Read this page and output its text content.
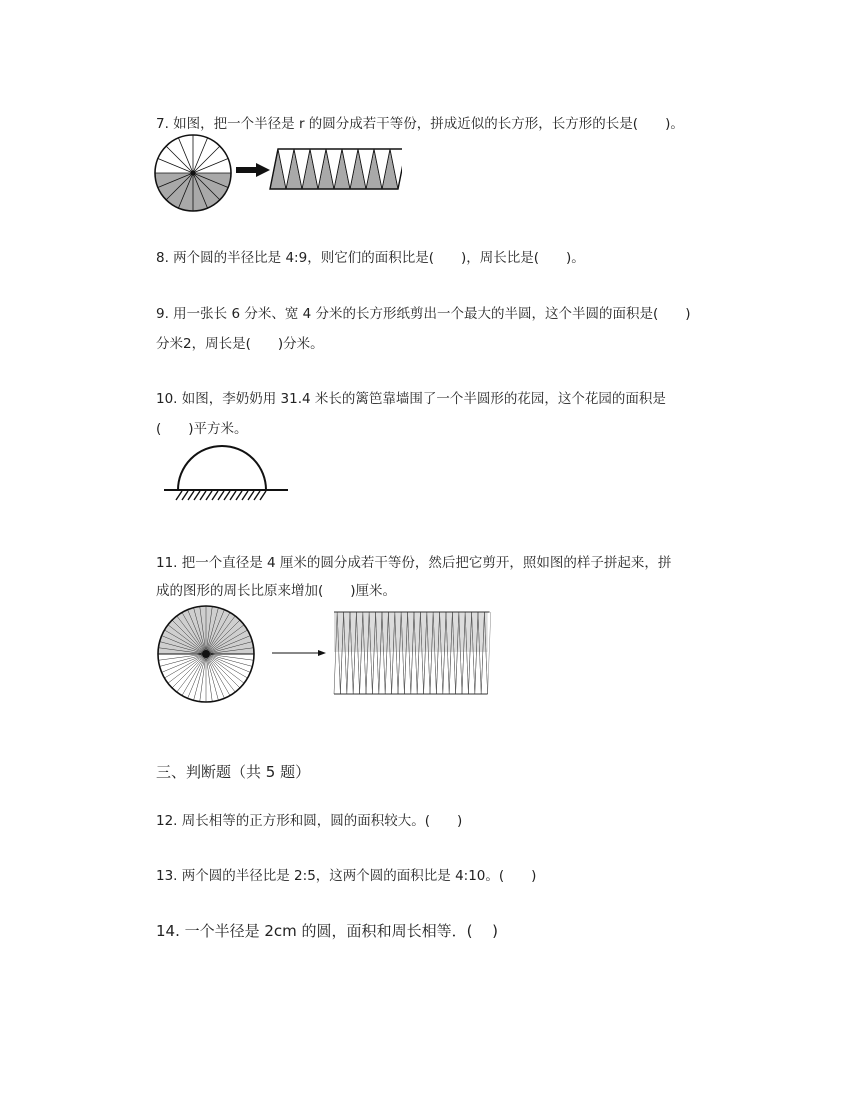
7. 如图，把一个半径是 r 的圆分成若干等份，拼成近似的长方形，长方形的长是(　　)。
8. 两个圆的半径比是 4:9，则它们的面积比是(　　)，周长比是(　　)。
9. 用一张长 6 分米、宽 4 分米的长方形纸剪出一个最大的半圆，这个半圆的面积是(　　)
分米2，周长是(　　)分米。
10. 如图，李奶奶用 31.4 米长的篱笆靠墙围了一个半圆形的花园，这个花园的面积是
(　　)平方米。
11. 把一个直径是 4 厘米的圆分成若干等份，然后把它剪开，照如图的样子拼起来，拼
成的图形的周长比原来增加(　　)厘米。
三、判断题（共 5 题）
12. 周长相等的正方形和圆，圆的面积较大。(　　)
13. 两个圆的半径比是 2:5，这两个圆的面积比是 4:10。(　　)
14. 一个半径是 2cm 的圆，面积和周长相等．(　 )
